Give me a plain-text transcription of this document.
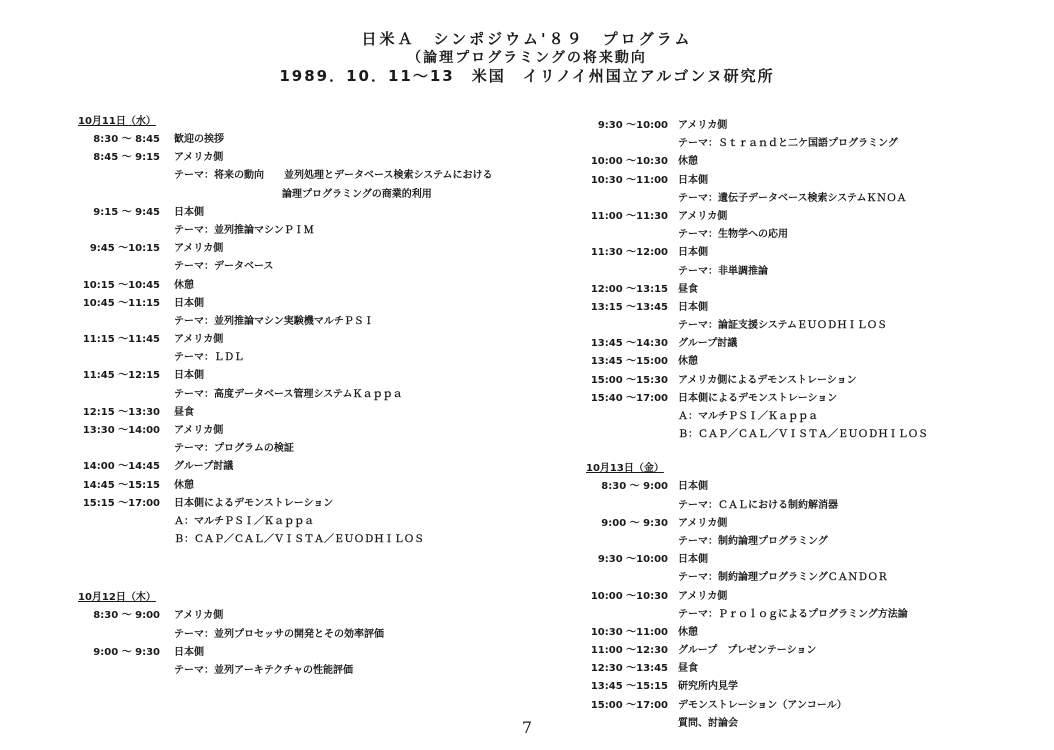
日米Ａ　シンポジウム'８９　プログラム
（論理プログラミングの将来動向
1989．10．11～13　米国　イリノイ州国立アルゴンヌ研究所
10月11日（水）
8:30 ～ 8:45 歓迎の挨拶
8:45 ～ 9:15 アメリカ側
テーマ：将来の動向　　並列処理とデータベース検索システムにおける
論理プログラミングの商業的利用
9:15 ～ 9:45 日本側
テーマ：並列推論マシンＰＩＭ
9:45 ～10:15 アメリカ側
テーマ：データベース
10:15 ～10:45 休憩
10:45 ～11:15 日本側
テーマ：並列推論マシン実験機マルチＰＳＩ
11:15 ～11:45 アメリカ側
テーマ：ＬＤＬ
11:45 ～12:15 日本側
テーマ：高度データベース管理システムＫａｐｐａ
12:15 ～13:30 昼食
13:30 ～14:00 アメリカ側
テーマ：プログラムの検証
14:00 ～14:45 グループ討議
14:45 ～15:15 休憩
15:15 ～17:00 日本側によるデモンストレーション
Ａ：マルチＰＳＩ／Ｋａｐｐａ
Ｂ：ＣＡＰ／ＣＡＬ／ＶＩＳＴＡ／ＥＵＯＤＨＩＬＯＳ
10月12日（木）
8:30 ～ 9:00 アメリカ側
テーマ：並列プロセッサの開発とその効率評価
9:00 ～ 9:30 日本側
テーマ：並列アーキテクチャの性能評価
9:30 ～10:00 アメリカ側
テーマ：Ｓｔｒａｎｄと二ケ国語プログラミング
10:00 ～10:30 休憩
10:30 ～11:00 日本側
テーマ：遺伝子データベース検索システムＫＮＯＡ
11:00 ～11:30 アメリカ側
テーマ：生物学への応用
11:30 ～12:00 日本側
テーマ：非単調推論
12:00 ～13:15 昼食
13:15 ～13:45 日本側
テーマ：論証支援システムＥＵＯＤＨＩＬＯＳ
13:45 ～14:30 グループ討議
13:45 ～15:00 休憩
15:00 ～15:30 アメリカ側によるデモンストレーション
15:40 ～17:00 日本側によるデモンストレーション
Ａ：マルチＰＳＩ／Ｋａｐｐａ
Ｂ：ＣＡＰ／ＣＡＬ／ＶＩＳＴＡ／ＥＵＯＤＨＩＬＯＳ
10月13日（金）
8:30 ～ 9:00 日本側
テーマ：ＣＡＬにおける制約解消器
9:00 ～ 9:30 アメリカ側
テーマ：制約論理プログラミング
9:30 ～10:00 日本側
テーマ：制約論理プログラミングＣＡＮＤＯＲ
10:00 ～10:30 アメリカ側
テーマ：Ｐｒｏｌｏｇによるプログラミング方法論
10:30 ～11:00 休憩
11:00 ～12:30 グループ　プレゼンテーション
12:30 ～13:45 昼食
13:45 ～15:15 研究所内見学
15:00 ～17:00 デモンストレーション（アンコール）
質問、討論会
7
